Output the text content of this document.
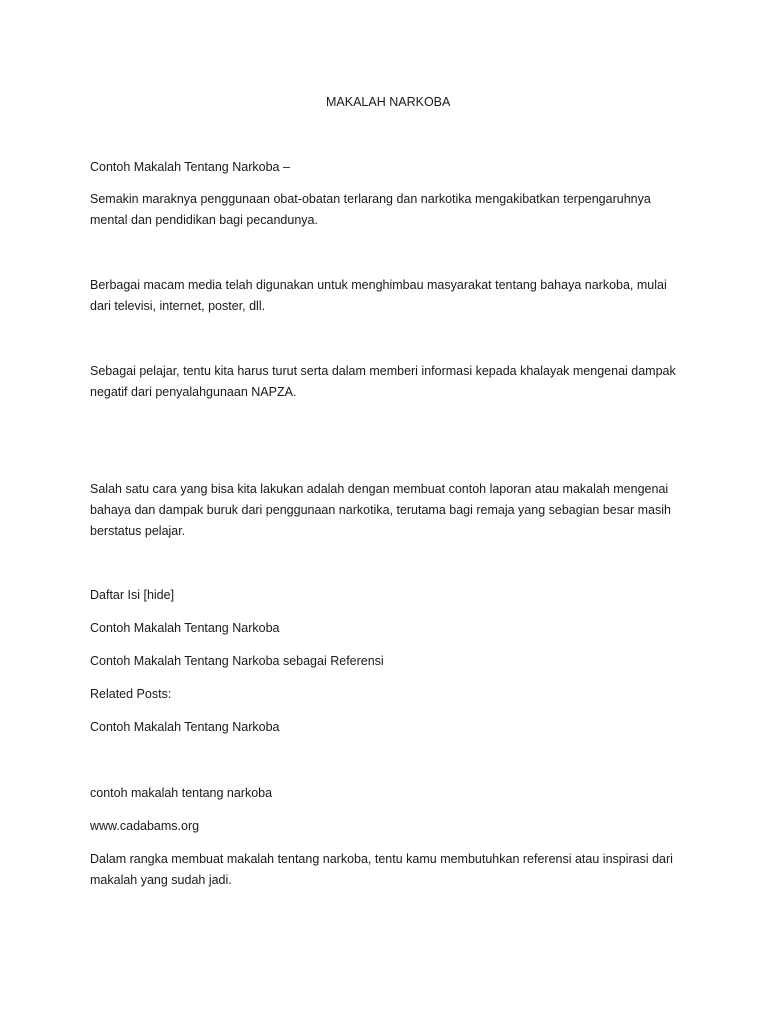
MAKALAH NARKOBA
Contoh Makalah Tentang Narkoba –
Semakin maraknya penggunaan obat-obatan terlarang dan narkotika mengakibatkan terpengaruhnya mental dan pendidikan bagi pecandunya.
Berbagai macam media telah digunakan untuk menghimbau masyarakat tentang bahaya narkoba, mulai dari televisi, internet, poster, dll.
Sebagai pelajar, tentu kita harus turut serta dalam memberi informasi kepada khalayak mengenai dampak negatif dari penyalahgunaan NAPZA.
Salah satu cara yang bisa kita lakukan adalah dengan membuat contoh laporan atau makalah mengenai bahaya dan dampak buruk dari penggunaan narkotika, terutama bagi remaja yang sebagian besar masih berstatus pelajar.
Daftar Isi [hide]
Contoh Makalah Tentang Narkoba
Contoh Makalah Tentang Narkoba sebagai Referensi
Related Posts:
Contoh Makalah Tentang Narkoba
contoh makalah tentang narkoba
www.cadabams.org
Dalam rangka membuat makalah tentang narkoba, tentu kamu membutuhkan referensi atau inspirasi dari makalah yang sudah jadi.
